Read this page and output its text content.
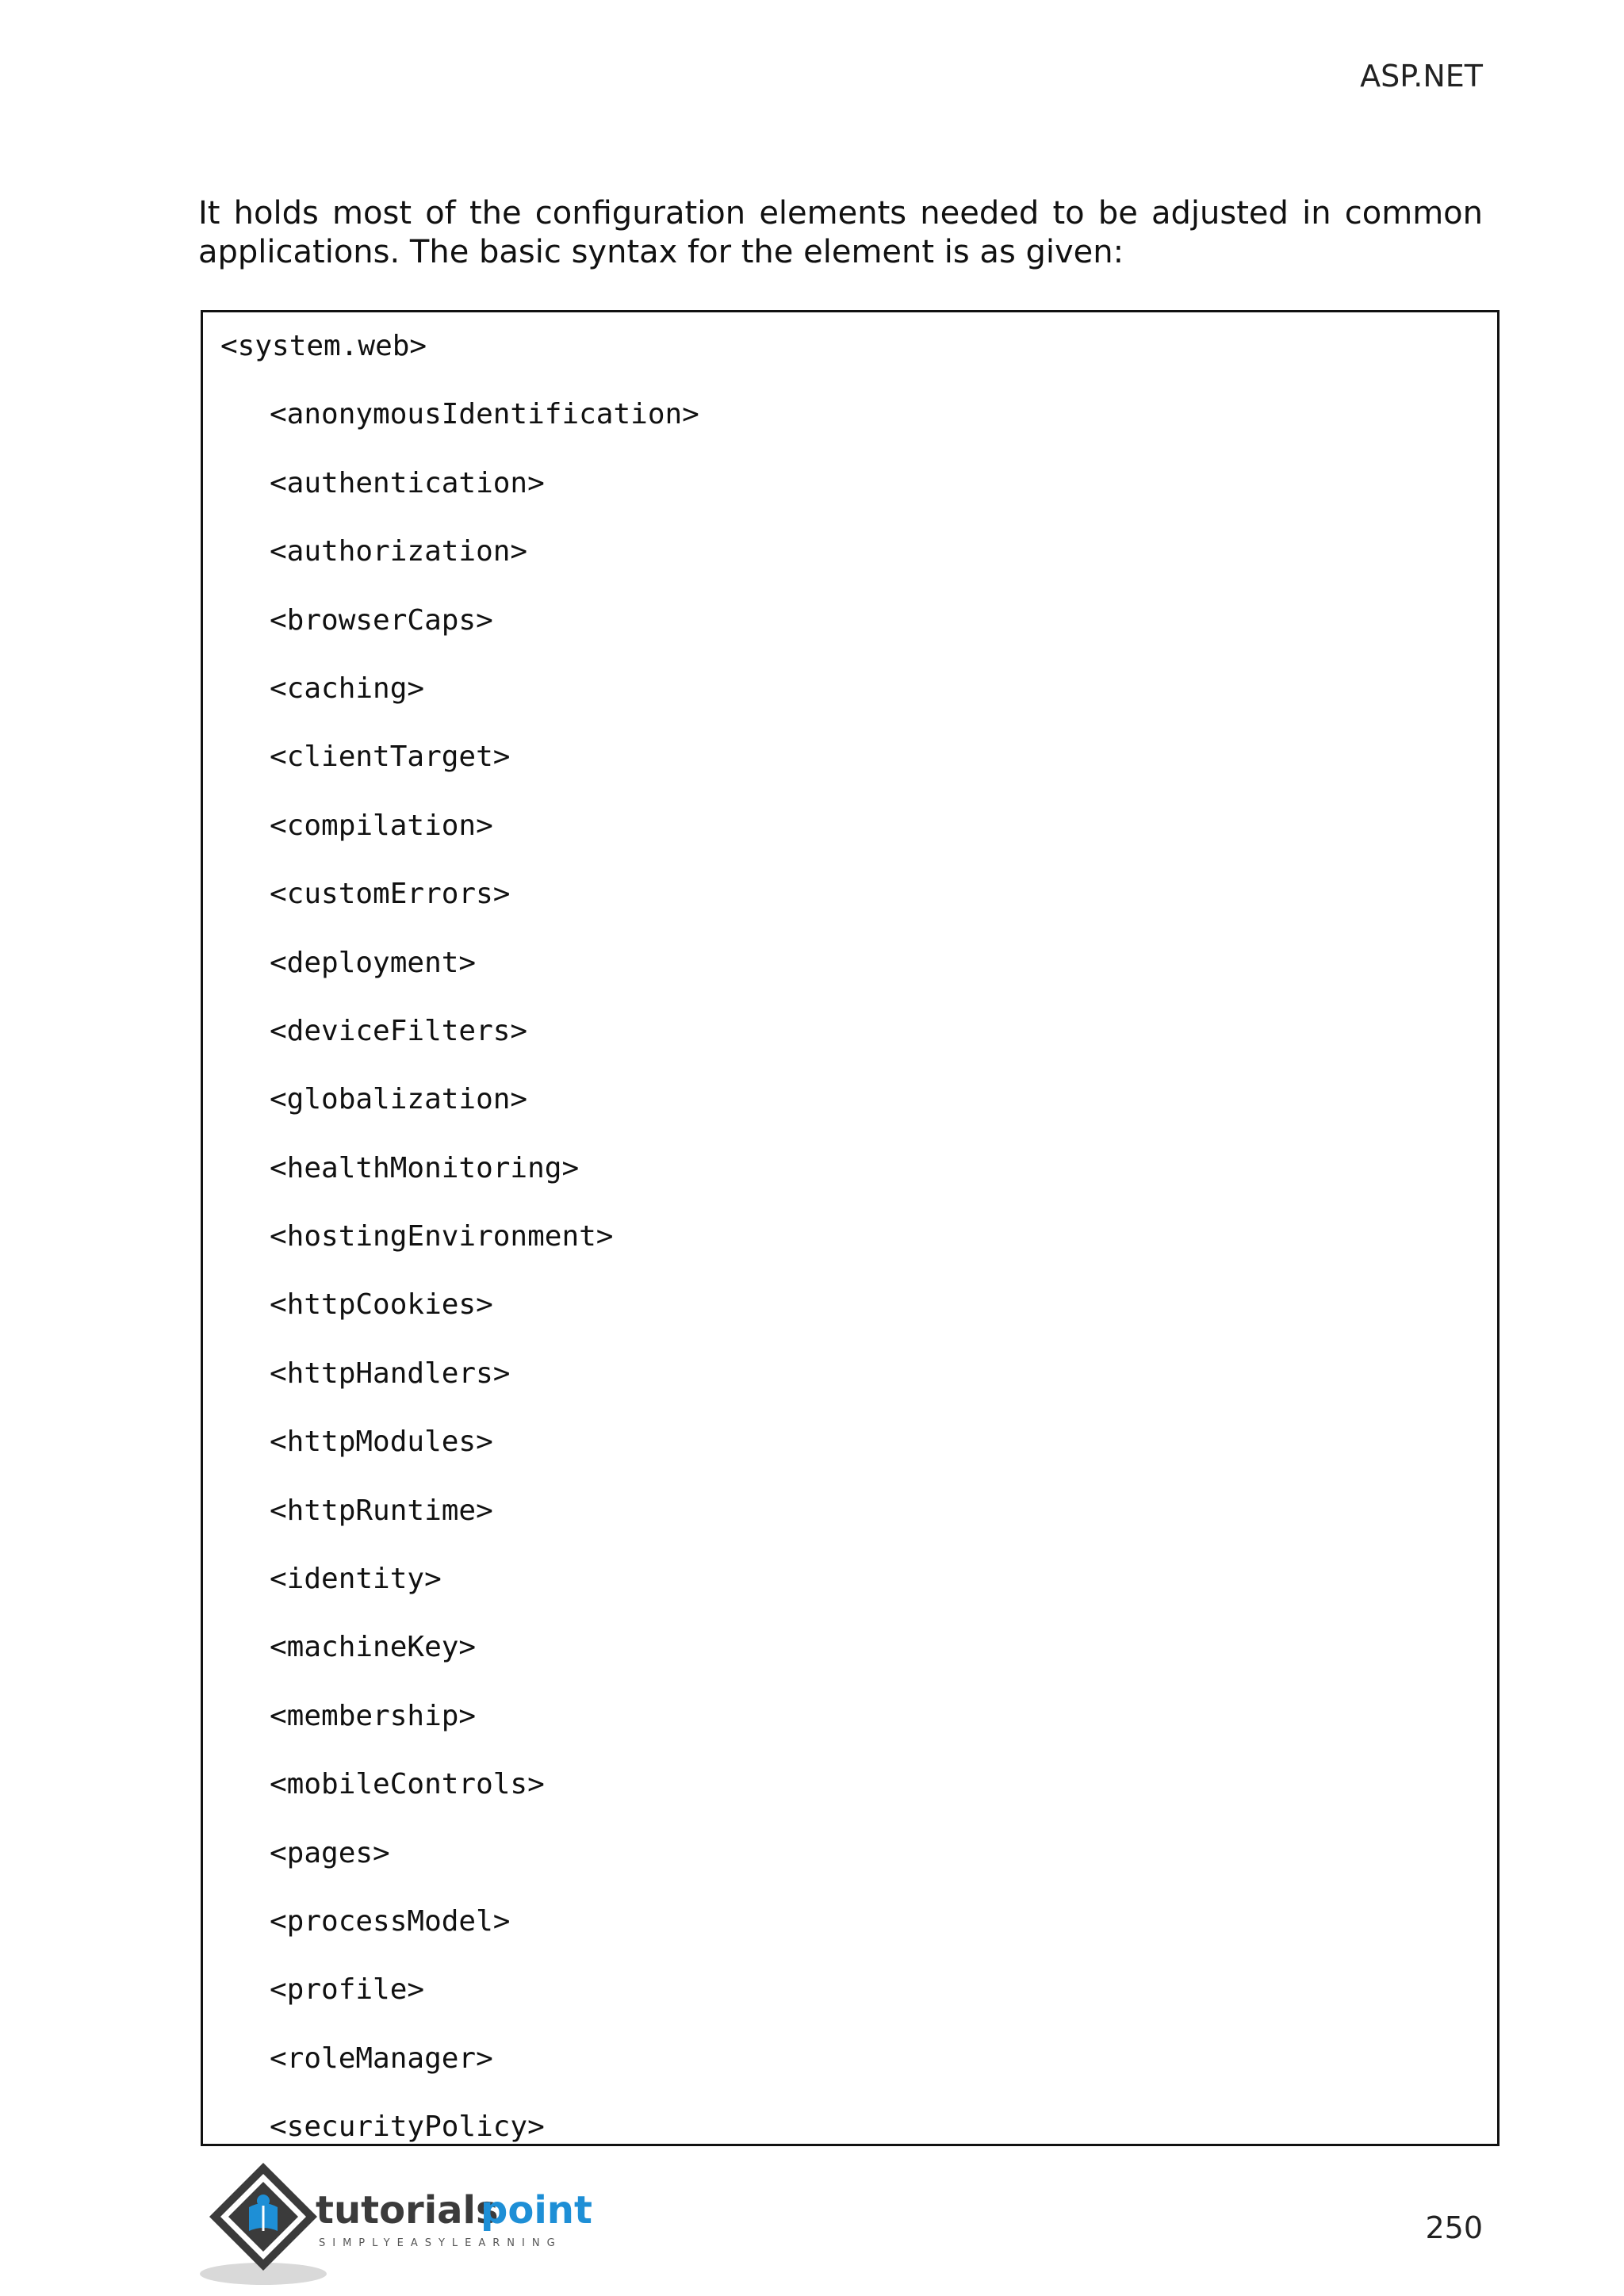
ASP.NET

It holds most of the configuration elements needed to be adjusted in common applications. The basic syntax for the element is as given:

<system.web>
<anonymousIdentification>
<authentication>
<authorization>
<browserCaps>
<caching>
<clientTarget>
<compilation>
<customErrors>
<deployment>
<deviceFilters>
<globalization>
<healthMonitoring>
<hostingEnvironment>
<httpCookies>
<httpHandlers>
<httpModules>
<httpRuntime>
<identity>
<machineKey>
<membership>
<mobileControls>
<pages>
<processModel>
<profile>
<roleManager>
<securityPolicy>
tutorials
point
SIMPLYEASYLEARNING	250
